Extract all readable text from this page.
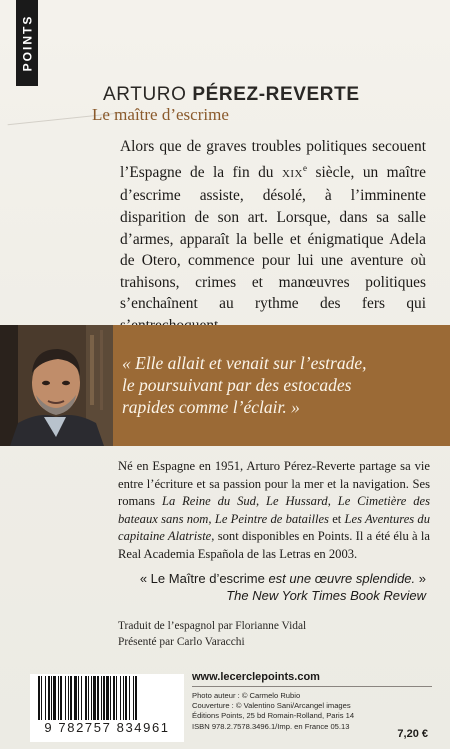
POINTS
ARTURO PÉREZ-REVERTE
Le maître d’escrime
Alors que de graves troubles politiques secouent l’Espagne de la fin du XIXe siècle, un maître d’escrime assiste, désolé, à l’imminente disparition de son art. Lorsque, dans sa salle d’armes, apparaît la belle et énigmatique Adela de Otero, commence pour lui une aventure où trahisons, crimes et manœuvres politiques s’enchaînent au rythme des fers qui
« Elle allait et venait sur l’estrade,
le poursuivant par des estocades
rapides comme l’éclair. »
Né en Espagne en 1951, Arturo Pérez-Reverte partage sa vie entre l’écriture et sa passion pour la mer et la navigation. Ses romans La Reine du Sud, Le Hussard, Le Cimetière des bateaux sans nom, Le Peintre de batailles et Les Aventures du capitaine Alatriste, sont disponibles en Points. Il a été élu à la Real Academia Española de las Letras en 2003.
« Le Maître d’escrime est une œuvre splendide. »
The New York Times Book Review
Traduit de l’espagnol par Florianne Vidal
Présenté par Carlo Varacchi
9 782757 834961
www.lecerclepoints.com
Photo auteur : © Carmelo Rubio
Couverture : © Valentino Sani/Arcangel images
Éditions Points, 25 bd Romain-Rolland, Paris 14
ISBN 978.2.7578.3496.1/Imp. en France 05.13
7,20 €
